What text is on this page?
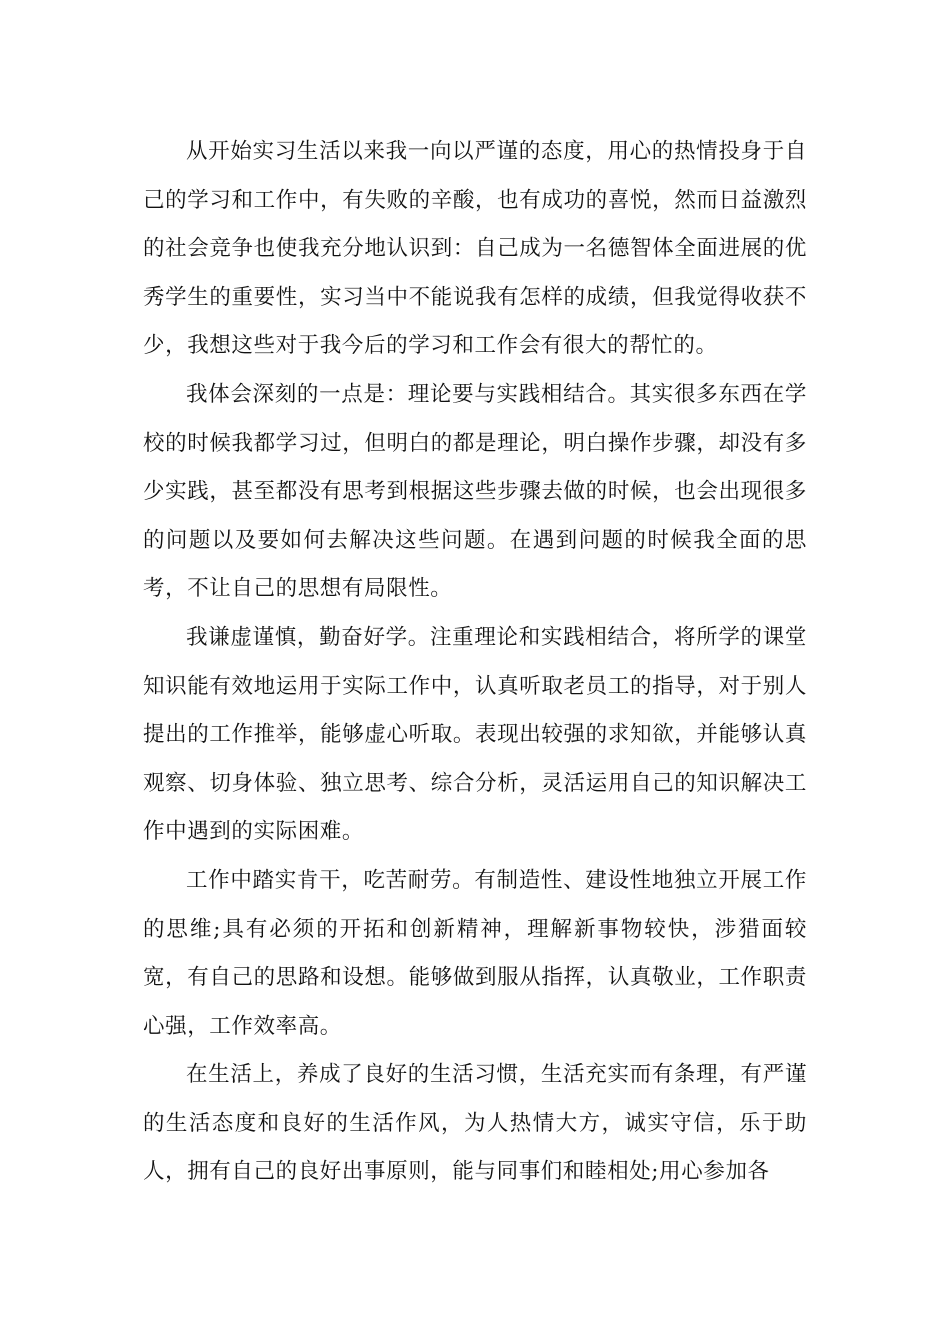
从开始实习生活以来我一向以严谨的态度，用心的热情投身于自己的学习和工作中，有失败的辛酸，也有成功的喜悦，然而日益激烈的社会竞争也使我充分地认识到：自己成为一名德智体全面进展的优秀学生的重要性，实习当中不能说我有怎样的成绩，但我觉得收获不少，我想这些对于我今后的学习和工作会有很大的帮忙的。

我体会深刻的一点是：理论要与实践相结合。其实很多东西在学校的时候我都学习过，但明白的都是理论，明白操作步骤，却没有多少实践，甚至都没有思考到根据这些步骤去做的时候，也会出现很多的问题以及要如何去解决这些问题。在遇到问题的时候我全面的思考，不让自己的思想有局限性。

我谦虚谨慎，勤奋好学。注重理论和实践相结合，将所学的课堂知识能有效地运用于实际工作中，认真听取老员工的指导，对于别人提出的工作推举，能够虚心听取。表现出较强的求知欲，并能够认真观察、切身体验、独立思考、综合分析，灵活运用自己的知识解决工作中遇到的实际困难。

工作中踏实肯干，吃苦耐劳。有制造性、建设性地独立开展工作的思维;具有必须的开拓和创新精神，理解新事物较快，涉猎面较宽，有自己的思路和设想。能够做到服从指挥，认真敬业，工作职责心强，工作效率高。

在生活上，养成了良好的生活习惯，生活充实而有条理，有严谨的生活态度和良好的生活作风，为人热情大方，诚实守信，乐于助人，拥有自己的良好出事原则，能与同事们和睦相处;用心参加各
